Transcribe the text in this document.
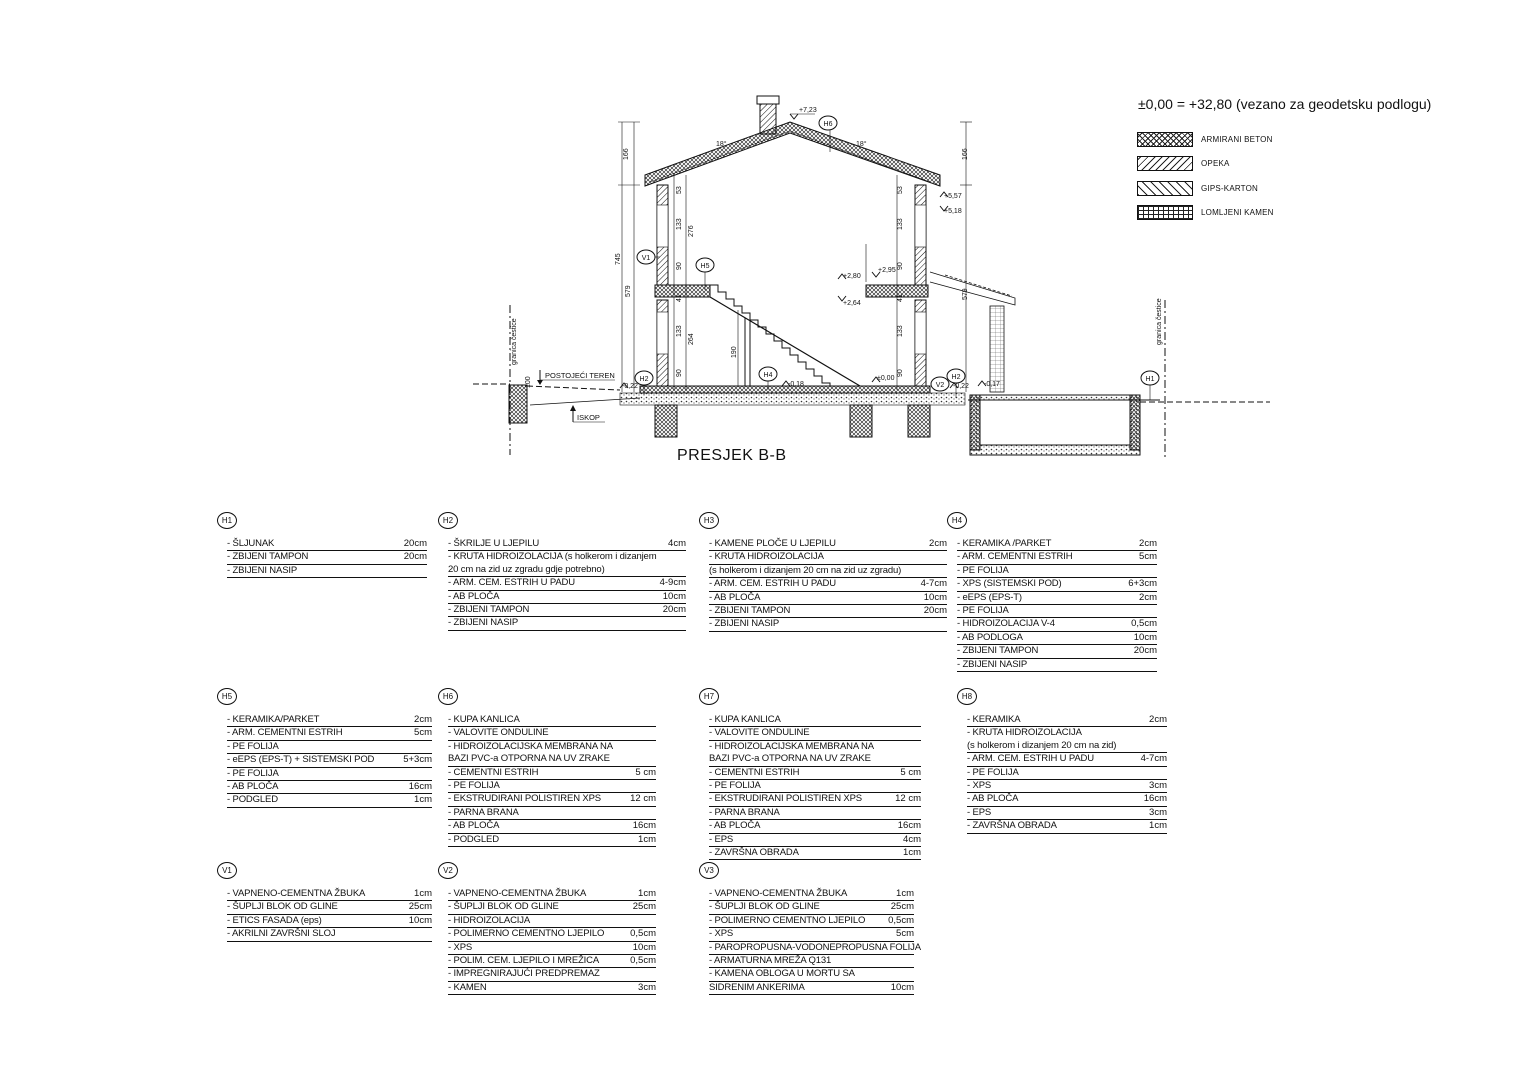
granica čestice	granica čestice
100
POSTOJEĆI TEREN
ISKOP
18°	18°
166
745
579
53
133
276
90
41
133
264
90
190
53
133
90
41
133
90
166
579
+7,23
+5,57
+5,18
+2,95
+2,80
+2,64
±0,00
-0,18
-0,22	-0,22 -0,17
H6
V1
H5
H2
H4
V2
H2	H1
±0,00 = +32,80 (vezano za geodetsku podlogu)
ARMIRANI BETON
OPEKA
GIPS-KARTON
LOMLJENI KAMEN
PRESJEK B-B
H1
- ŠLJUNAK	20cm
- ZBIJENI TAMPON	20cm
- ZBIJENI NASIP
H2
- ŠKRILJE U LJEPILU	4cm
- KRUTA HIDROIZOLACIJA (s holkerom i dizanjem
20 cm na zid uz zgradu gdje potrebno)
- ARM. CEM. ESTRIH U PADU	4-9cm
- AB PLOČA	10cm
- ZBIJENI TAMPON	20cm
- ZBIJENI NASIP
H3
- KAMENE PLOČE U LJEPILU	2cm
- KRUTA HIDROIZOLACIJA
(s holkerom i dizanjem 20 cm na zid uz zgradu)
- ARM. CEM. ESTRIH U PADU	4-7cm
- AB PLOČA	10cm
- ZBIJENI TAMPON	20cm
- ZBIJENI NASIP
H4
- KERAMIKA /PARKET	2cm
- ARM. CEMENTNI ESTRIH	5cm
- PE FOLIJA
- XPS (SISTEMSKI POD)	6+3cm
- eEPS (EPS-T)	2cm
- PE FOLIJA
- HIDROIZOLACIJA V-4	0,5cm
- AB PODLOGA	10cm
- ZBIJENI TAMPON	20cm
- ZBIJENI NASIP
H5
- KERAMIKA/PARKET	2cm
- ARM. CEMENTNI ESTRIH	5cm
- PE FOLIJA
- eEPS (EPS-T) + SISTEMSKI POD	5+3cm
- PE FOLIJA
- AB PLOČA	16cm
- PODGLED	1cm
H6
- KUPA KANLICA
- VALOVITE ONDULINE
- HIDROIZOLACIJSKA MEMBRANA NA
BAZI PVC-a OTPORNA NA UV ZRAKE
- CEMENTNI ESTRIH	5 cm
- PE FOLIJA
- EKSTRUDIRANI POLISTIREN XPS	12 cm
- PARNA BRANA
- AB PLOČA	16cm
- PODGLED	1cm
H7
- KUPA KANLICA
- VALOVITE ONDULINE
- HIDROIZOLACIJSKA MEMBRANA NA
BAZI PVC-a OTPORNA NA UV ZRAKE
- CEMENTNI ESTRIH	5 cm
- PE FOLIJA
- EKSTRUDIRANI POLISTIREN XPS	12 cm
- PARNA BRANA
- AB PLOČA	16cm
- EPS	4cm
- ZAVRŠNA OBRADA	1cm
H8
- KERAMIKA	2cm
- KRUTA HIDROIZOLACIJA
(s holkerom i dizanjem 20 cm na zid)
- ARM. CEM. ESTRIH U PADU	4-7cm
- PE FOLIJA
- XPS	3cm
- AB PLOČA	16cm
- EPS	3cm
- ZAVRŠNA OBRADA	1cm
V1
- VAPNENO-CEMENTNA ŽBUKA	1cm
- ŠUPLJI BLOK OD GLINE	25cm
- ETICS FASADA (eps)	10cm
- AKRILNI ZAVRŠNI SLOJ
V2
- VAPNENO-CEMENTNA ŽBUKA	1cm
- ŠUPLJI BLOK OD GLINE	25cm
- HIDROIZOLACIJA
- POLIMERNO CEMENTNO LJEPILO	0,5cm
- XPS	10cm
- POLIM. CEM. LJEPILO I MREŽICA	0,5cm
- IMPREGNIRAJUĆI PREDPREMAZ
- KAMEN	3cm
V3
- VAPNENO-CEMENTNA ŽBUKA	1cm
- ŠUPLJI BLOK OD GLINE	25cm
- POLIMERNO CEMENTNO LJEPILO 0,5cm
- XPS	5cm
- PAROPROPUSNA-VODONEPROPUSNA FOLIJA
- ARMATURNA MREŽA Q131
- KAMENA OBLOGA U MORTU SA
SIDRENIM ANKERIMA	10cm
